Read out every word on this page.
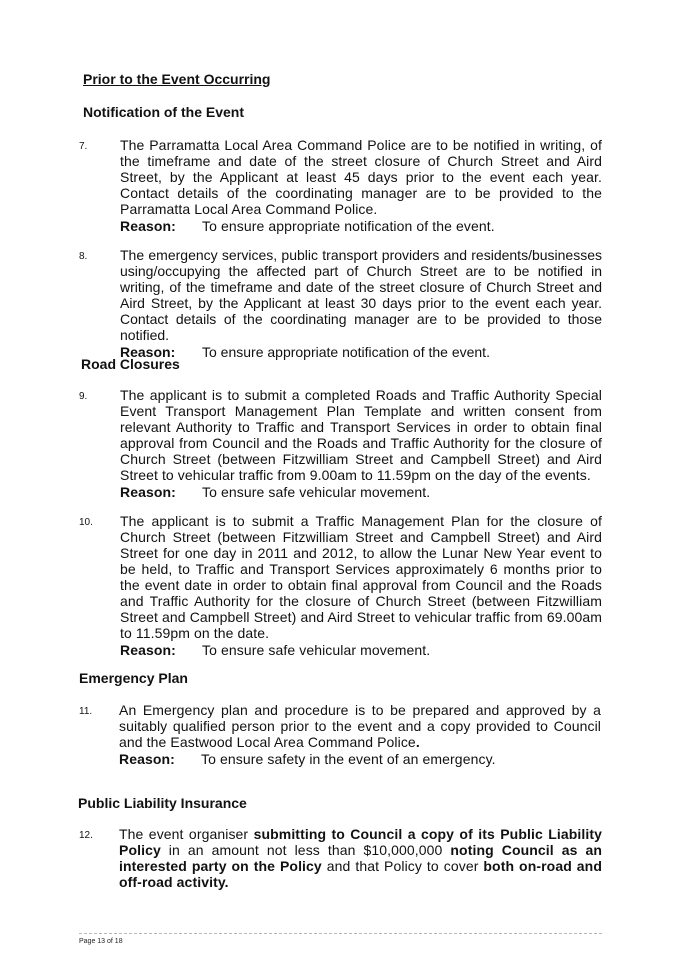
Prior to the Event Occurring
Notification of the Event
7. The Parramatta Local Area Command Police are to be notified in writing, of the timeframe and date of the street closure of Church Street and Aird Street, by the Applicant at least 45 days prior to the event each year. Contact details of the coordinating manager are to be provided to the Parramatta Local Area Command Police.
Reason: To ensure appropriate notification of the event.
8. The emergency services, public transport providers and residents/businesses using/occupying the affected part of Church Street are to be notified in writing, of the timeframe and date of the street closure of Church Street and Aird Street, by the Applicant at least 30 days prior to the event each year. Contact details of the coordinating manager are to be provided to those notified.
Reason: To ensure appropriate notification of the event.
Road Closures
9. The applicant is to submit a completed Roads and Traffic Authority Special Event Transport Management Plan Template and written consent from relevant Authority to Traffic and Transport Services in order to obtain final approval from Council and the Roads and Traffic Authority for the closure of Church Street (between Fitzwilliam Street and Campbell Street) and Aird Street to vehicular traffic from 9.00am to 11.59pm on the day of the events.
Reason: To ensure safe vehicular movement.
10. The applicant is to submit a Traffic Management Plan for the closure of Church Street (between Fitzwilliam Street and Campbell Street) and Aird Street for one day in 2011 and 2012, to allow the Lunar New Year event to be held, to Traffic and Transport Services approximately 6 months prior to the event date in order to obtain final approval from Council and the Roads and Traffic Authority for the closure of Church Street (between Fitzwilliam Street and Campbell Street) and Aird Street to vehicular traffic from 69.00am to 11.59pm on the date.
Reason: To ensure safe vehicular movement.
Emergency Plan
11. An Emergency plan and procedure is to be prepared and approved by a suitably qualified person prior to the event and a copy provided to Council and the Eastwood Local Area Command Police.
Reason: To ensure safety in the event of an emergency.
Public Liability Insurance
12. The event organiser submitting to Council a copy of its Public Liability Policy in an amount not less than $10,000,000 noting Council as an interested party on the Policy and that Policy to cover both on-road and off-road activity.
Page 13 of 18
